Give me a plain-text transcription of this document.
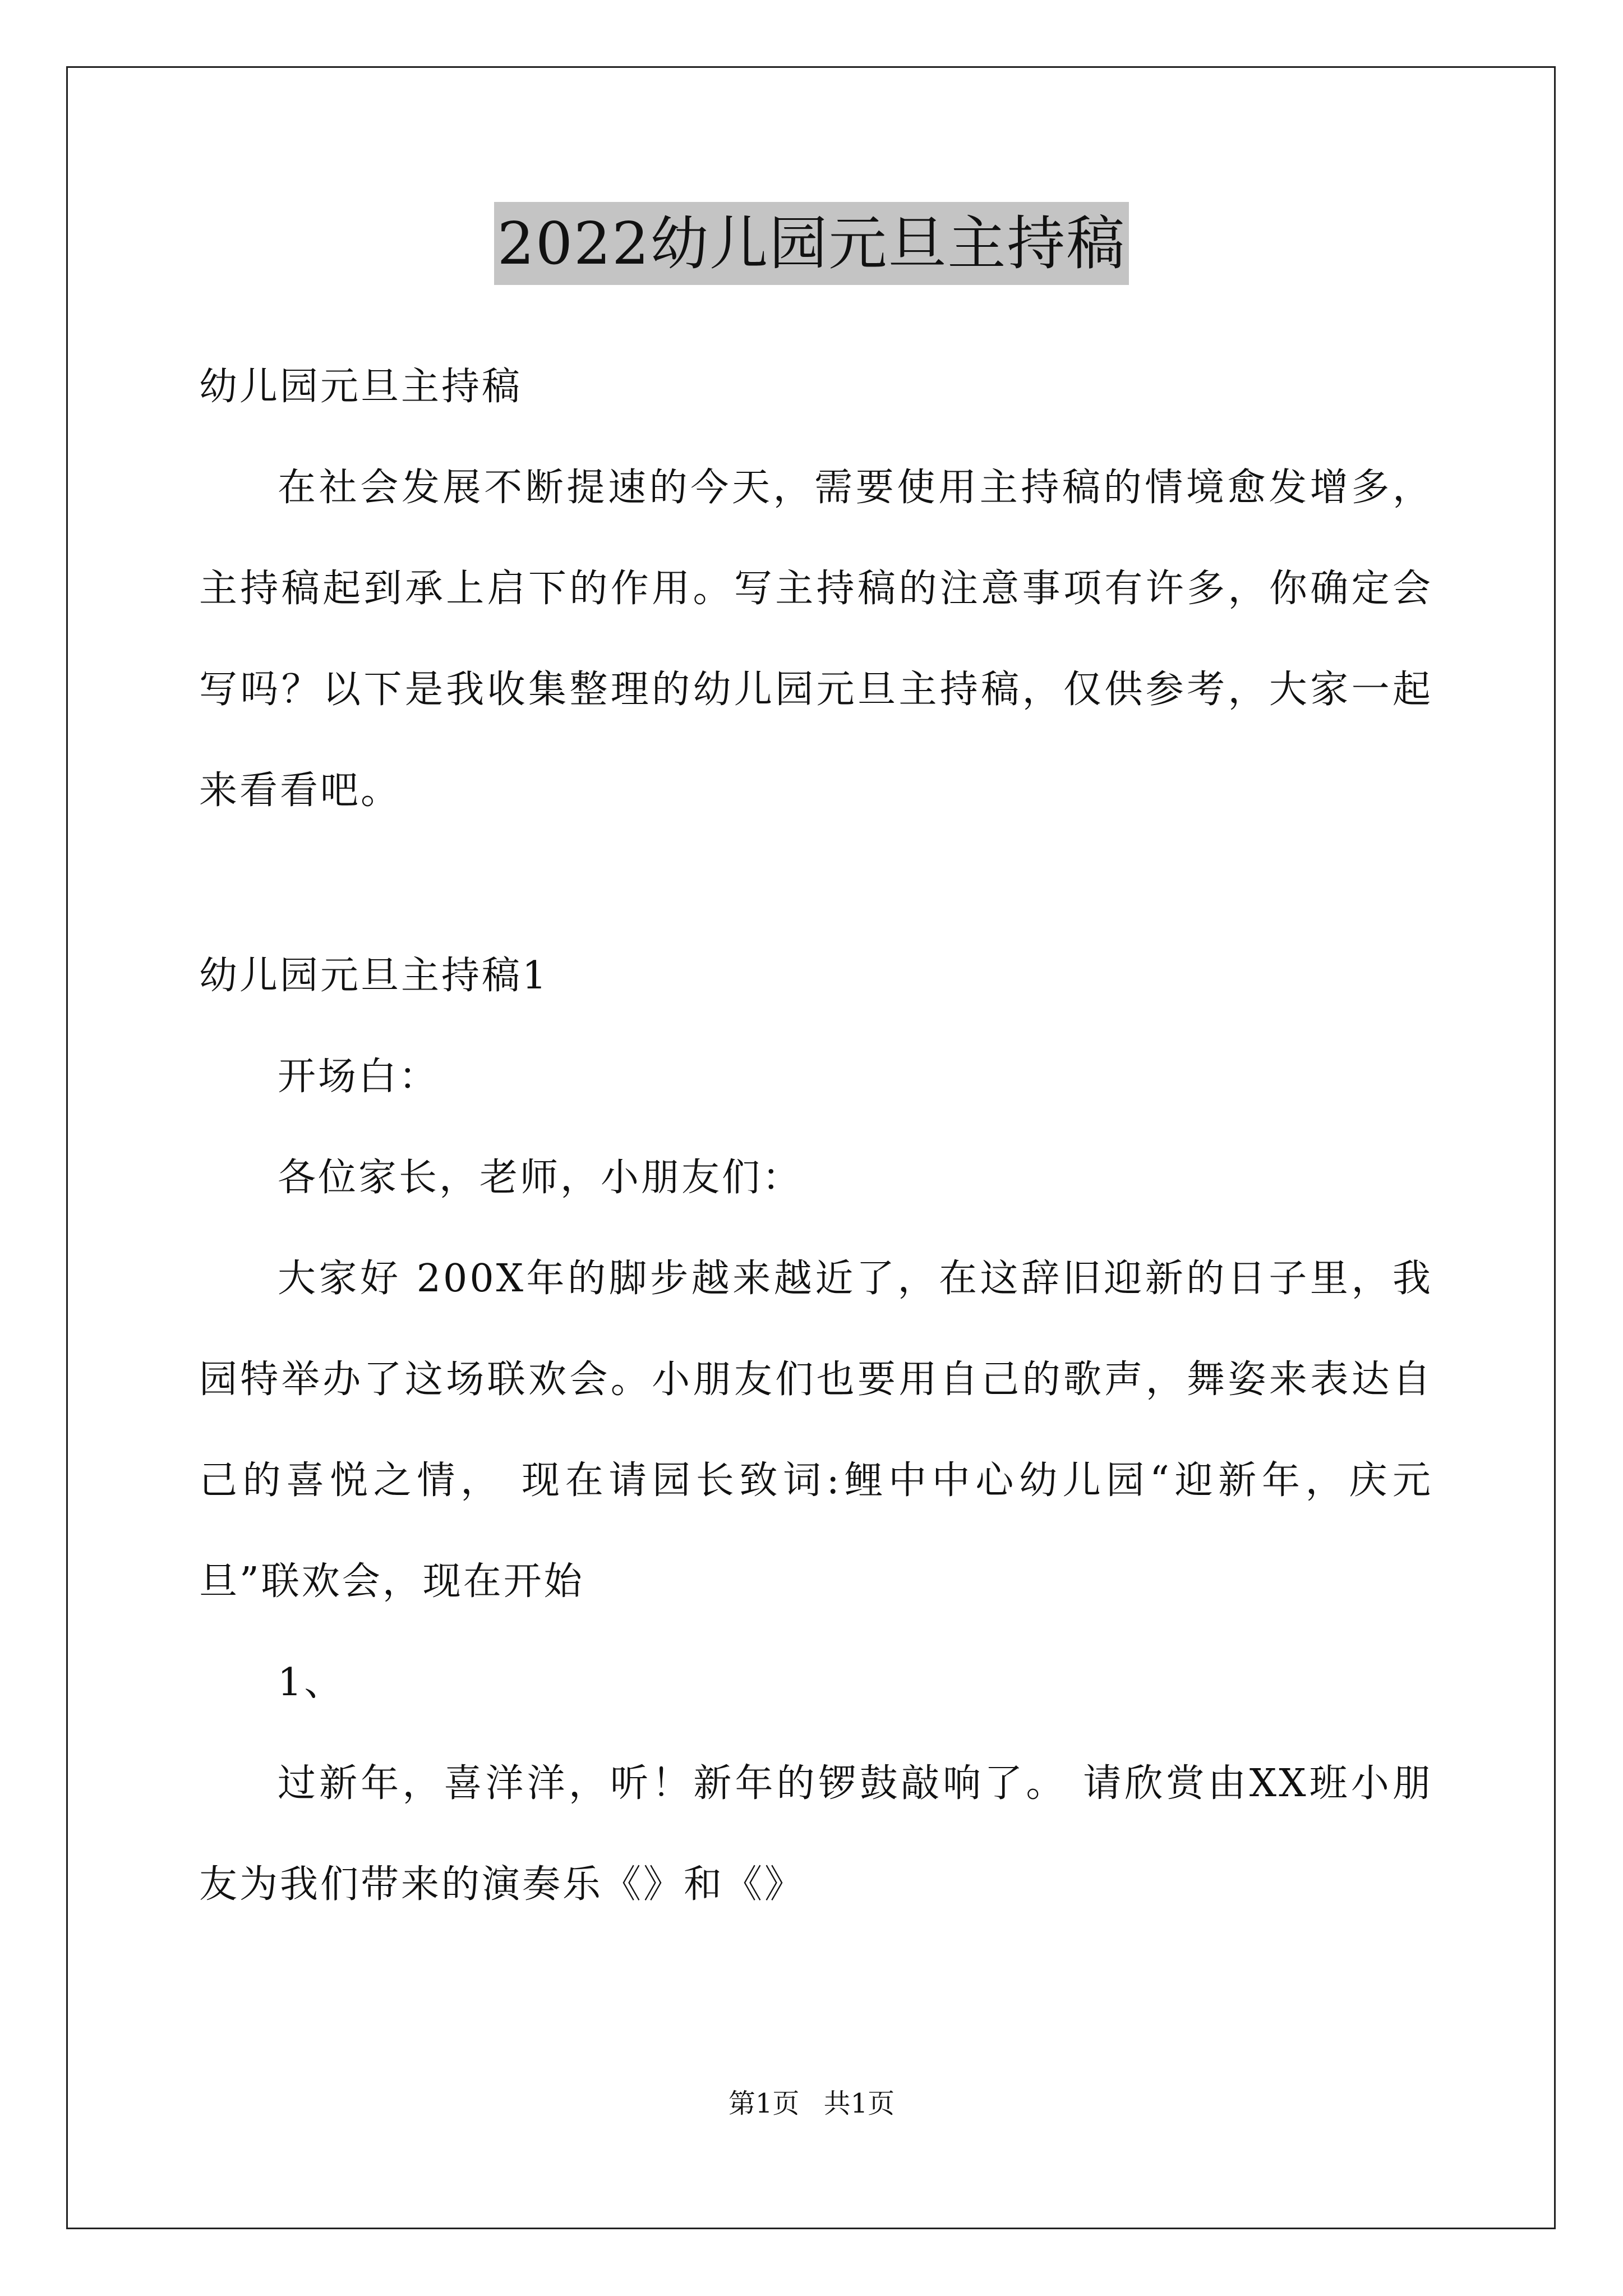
2022幼儿园元旦主持稿

幼儿园元旦主持稿

在社会发展不断提速的今天，需要使用主持稿的情境愈发增多，主持稿起到承上启下的作用。写主持稿的注意事项有许多，你确定会写吗？以下是我收集整理的幼儿园元旦主持稿，仅供参考，大家一起来看看吧。

幼儿园元旦主持稿1

开场白：

各位家长，老师，小朋友们：

大家好 200X年的脚步越来越近了，在这辞旧迎新的日子里，我园特举办了这场联欢会。小朋友们也要用自己的歌声，舞姿来表达自己的喜悦之情， 现在请园长致词:鲤中中心幼儿园“迎新年，庆元旦”联欢会，现在开始

1、

过新年，喜洋洋，听！新年的锣鼓敲响了。 请欣赏由XX班小朋友为我们带来的演奏乐《》和《》

第1页 共1页
